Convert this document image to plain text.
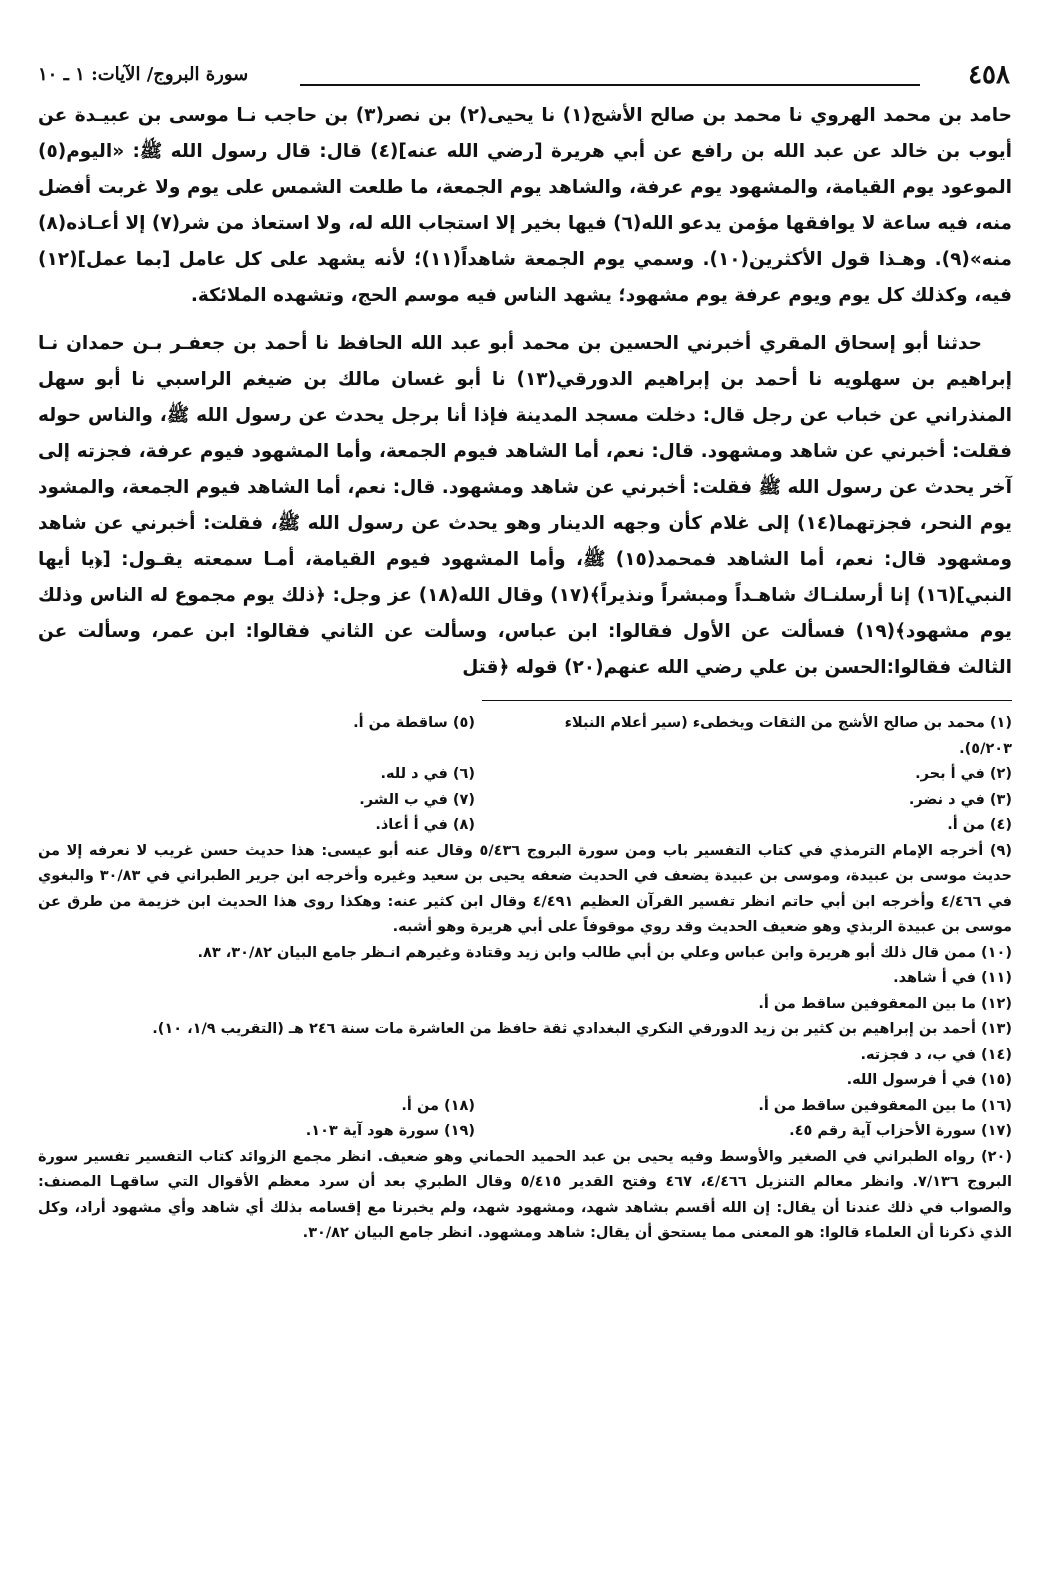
٤٥٨
سورة البروج/ الآيات: ١ ـ ١٠

حامد بن محمد الهروي نا محمد بن صالح الأشج(١) نا يحيى(٢) بن نصر(٣) بن حاجب نـا موسى بن عبيـدة عن أيوب بن خالد عن عبد الله بن رافع عن أبي هريرة [رضي الله عنه](٤) قال: قال رسول الله ﷺ: «اليوم(٥) الموعود يوم القيامة، والمشهود يوم عرفة، والشاهد يوم الجمعة، ما طلعت الشمس على يوم ولا غربت أفضل منه، فيه ساعة لا يوافقها مؤمن يدعو الله(٦) فيها بخير إلا استجاب الله له، ولا استعاذ من شر(٧) إلا أعـاذه(٨) منه»(٩). وهـذا قول الأكثرين(١٠). وسمي يوم الجمعة شاهداً(١١)؛ لأنه يشهد على كل عامل [بما عمل](١٢) فيه، وكذلك كل يوم ويوم عرفة يوم مشهود؛ يشهد الناس فيه موسم الحج، وتشهده الملائكة.

حدثنا أبو إسحاق المقري أخبرني الحسين بن محمد أبو عبد الله الحافظ نا أحمد بن جعفـر بـن حمدان نـا إبراهيم بن سهلويه نا أحمد بن إبراهيم الدورقي(١٣) نا أبو غسان مالك بن ضيغم الراسبي نا أبو سهل المنذراني عن خباب عن رجل قال: دخلت مسجد المدينة فإذا أنا برجل يحدث عن رسول الله ﷺ، والناس حوله فقلت: أخبرني عن شاهد ومشهود. قال: نعم، أما الشاهد فيوم الجمعة، وأما المشهود فيوم عرفة، فجزته إلى آخر يحدث عن رسول الله ﷺ فقلت: أخبرني عن شاهد ومشهود. قال: نعم، أما الشاهد فيوم الجمعة، والمشود يوم النحر، فجزتهما(١٤) إلى غلام كأن وجهه الدينار وهو يحدث عن رسول الله ﷺ، فقلت: أخبرني عن شاهد ومشهود قال: نعم، أما الشاهد فمحمد(١٥) ﷺ، وأما المشهود فيوم القيامة، أمـا سمعته يقـول: [﴿يا أيها النبي](١٦) إنا أرسلنـاك شاهـداً ومبشراً ونذيراً﴾(١٧) وقال الله(١٨) عز وجل: ﴿ذلك يوم مجموع له الناس وذلك يوم مشهود﴾(١٩) فسألت عن الأول فقالوا: ابن عباس، وسألت عن الثاني فقالوا: ابن عمر، وسألت عن الثالث فقالوا:الحسن بن علي رضي الله عنهم(٢٠) قوله ﴿قتل

(١) محمد بن صالح الأشج من الثقات ويخطىء (سير أعلام النبلاء ٥/٢٠٣).
(٥) ساقطة من أ.
(٢) في أ بحر.
(٦) في د لله.
(٣) في د نضر.
(٧) في ب الشر.
(٤) من أ.
(٨) في أ أعاذ.

(٩) أخرجه الإمام الترمذي في كتاب التفسير باب ومن سورة البروج ٥/٤٣٦ وقال عنه أبو عيسى: هذا حديث حسن غريب لا نعرفه إلا من حديث موسى بن عبيدة، وموسى بن عبيدة يضعف في الحديث ضعفه يحيى بن سعيد وغيره وأخرجه ابن جرير الطبراني في ٣٠/٨٣ والبغوي في ٤/٤٦٦ وأخرجه ابن أبي حاتم انظر تفسير القرآن العظيم ٤/٤٩١ وقال ابن كثير عنه: وهكذا روى هذا الحديث ابن خزيمة من طرق عن موسى بن عبيدة الربذي وهو ضعيف الحديث وقد روي موقوفاً على أبي هريرة وهو أشبه.

(١٠) ممن قال ذلك أبو هريرة وابن عباس وعلي بن أبي طالب وابن زيد وقتادة وغيرهم انـظر جامع البيان ٣٠/٨٢، ٨٣.

(١١) في أ شاهد.

(١٢) ما بين المعقوفين ساقط من أ.

(١٣) أحمد بن إبراهيم بن كثير بن زيد الدورقي النكري البغدادي ثقة حافظ من العاشرة مات سنة ٢٤٦ هـ (التقريب ١/٩، ١٠).

(١٤) في ب، د فجزته.

(١٥) في أ فرسول الله.

(١٦) ما بين المعقوفين ساقط من أ.
(١٨) من أ.
(١٧) سورة الأحزاب آية رقم ٤٥.
(١٩) سورة هود آية ١٠٣.

(٢٠) رواه الطبراني في الصغير والأوسط وفيه يحيى بن عبد الحميد الحماني وهو ضعيف. انظر مجمع الزوائد كتاب التفسير تفسير سورة البروج ٧/١٣٦. وانظر معالم التنزيل ٤/٤٦٦، ٤٦٧ وفتح القدير ٥/٤١٥ وقال الطبري بعد أن سرد معظم الأقوال التي ساقهـا المصنف: والصواب في ذلك عندنا أن يقال: إن الله أقسم بشاهد شهد، ومشهود شهد، ولم يخبرنا مع إقسامه بذلك أي شاهد وأي مشهود أراد، وكل الذي ذكرنا أن العلماء قالوا: هو المعنى مما يستحق أن يقال: شاهد ومشهود. انظر جامع البيان ٣٠/٨٢.
